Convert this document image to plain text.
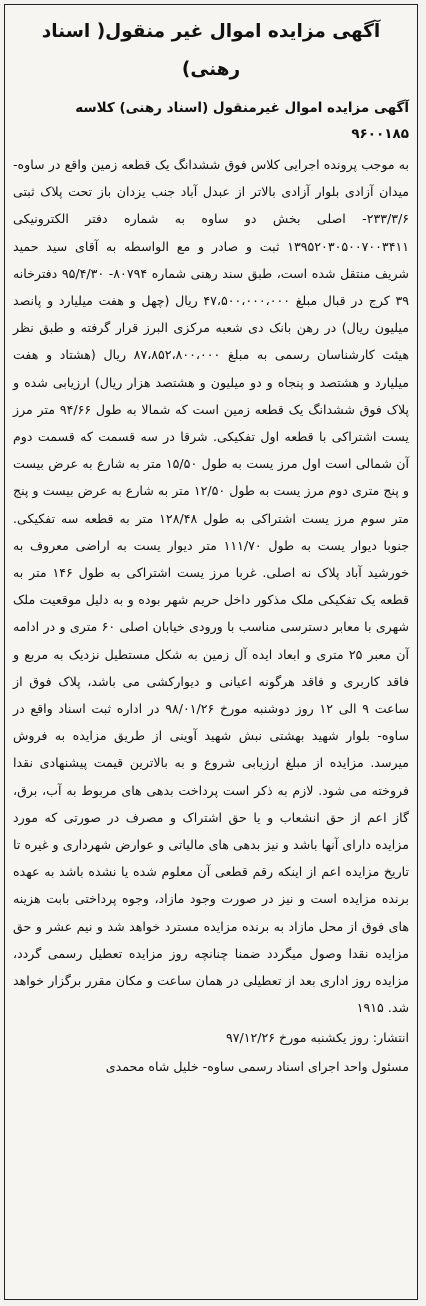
آگهی مزایده اموال غیر منقول( اسناد رهنی)
آگهی مزایده اموال غیرمنقول (اسناد رهنی) کلاسه ۹۶۰۰۱۸۵

به موجب پرونده اجرایی کلاس فوق ششدانگ یک قطعه زمین واقع در ساوه- میدان آزادی بلوار آزادی بالاتر از عبدل آباد جنب یزدان باز تحت پلاک ثبتی ۲۳۳/۳/۶- اصلی بخش دو ساوه به شماره دفتر الکترونیکی ۱۳۹۵۲۰۳۰۵۰۰۷۰۰۳۴۱۱ ثبت و صادر و مع الواسطه به آقای سید حمید شریف منتقل شده است، طبق سند رهنی شماره ۸۰۷۹۴- ۹۵/۴/۳۰ دفترخانه ۳۹ کرج در قبال مبلغ ۴۷،۵۰۰،۰۰۰،۰۰۰ ریال (چهل و هفت میلیارد و پانصد میلیون ریال) در رهن بانک دی شعبه مرکزی البرز قرار گرفته و طبق نظر هیئت کارشناسان رسمی به مبلغ ۸۷،۸۵۲،۸۰۰،۰۰۰ ریال (هشتاد و هفت میلیارد و هشتصد و پنجاه و دو میلیون و هشتصد هزار ریال) ارزیابی شده و پلاک فوق ششدانگ یک قطعه زمین است که شمالا به طول ۹۴/۶۶ متر مرز یست اشتراکی با قطعه اول تفکیکی. شرقا در سه قسمت که قسمت دوم آن شمالی است اول مرز یست به طول ۱۵/۵۰ متر به شارع به عرض بیست و پنج متری دوم مرز یست به طول ۱۲/۵۰ متر به شارع به عرض بیست و پنج متر سوم مرز یست اشتراکی به طول ۱۲۸/۴۸ متر به قطعه سه تفکیکی. جنوبا دیوار یست به طول ۱۱۱/۷۰ متر دیوار یست به اراضی معروف به خورشید آباد پلاک نه اصلی. غربا مرز یست اشتراکی به طول ۱۴۶ متر به قطعه یک تفکیکی ملک مذکور داخل حریم شهر بوده و به دلیل موقعیت ملک شهری با معابر دسترسی مناسب با ورودی خیابان اصلی ۶۰ متری و در ادامه آن معبر ۲۵ متری و ابعاد ایده آل زمین به شکل مستطیل نزدیک به مربع و فاقد کاربری و فاقد هرگونه اعیانی و دیوارکشی می باشد، پلاک فوق از ساعت ۹ الی ۱۲ روز دوشنبه مورخ ۹۸/۰۱/۲۶ در اداره ثبت اسناد واقع در ساوه- بلوار شهید بهشتی نبش شهید آوینی از طریق مزایده به فروش میرسد. مزایده از مبلغ ارزیابی شروع و به بالاترین قیمت پیشنهادی نقدا فروخته می شود. لازم به ذکر است پرداخت بدهی های مربوط به آب، برق، گاز اعم از حق انشعاب و یا حق اشتراک و مصرف در صورتی که مورد مزایده دارای آنها باشد و نیز بدهی های مالیاتی و عوارض شهرداری و غیره تا تاریخ مزایده اعم از اینکه رقم قطعی آن معلوم شده یا نشده باشد به عهده برنده مزایده است و نیز در صورت وجود مازاد، وجوه پرداختی بابت هزینه های فوق از محل مازاد به برنده مزایده مسترد خواهد شد و نیم عشر و حق مزایده نقدا وصول میگردد ضمنا چنانچه روز مزایده تعطیل رسمی گردد، مزایده روز اداری بعد از تعطیلی در همان ساعت و مکان مقرر برگزار خواهد شد. ۱۹۱۵

انتشار: روز یکشنبه مورخ ۹۷/۱۲/۲۶
مسئول واحد اجرای اسناد رسمی ساوه- خلیل شاه محمدی
